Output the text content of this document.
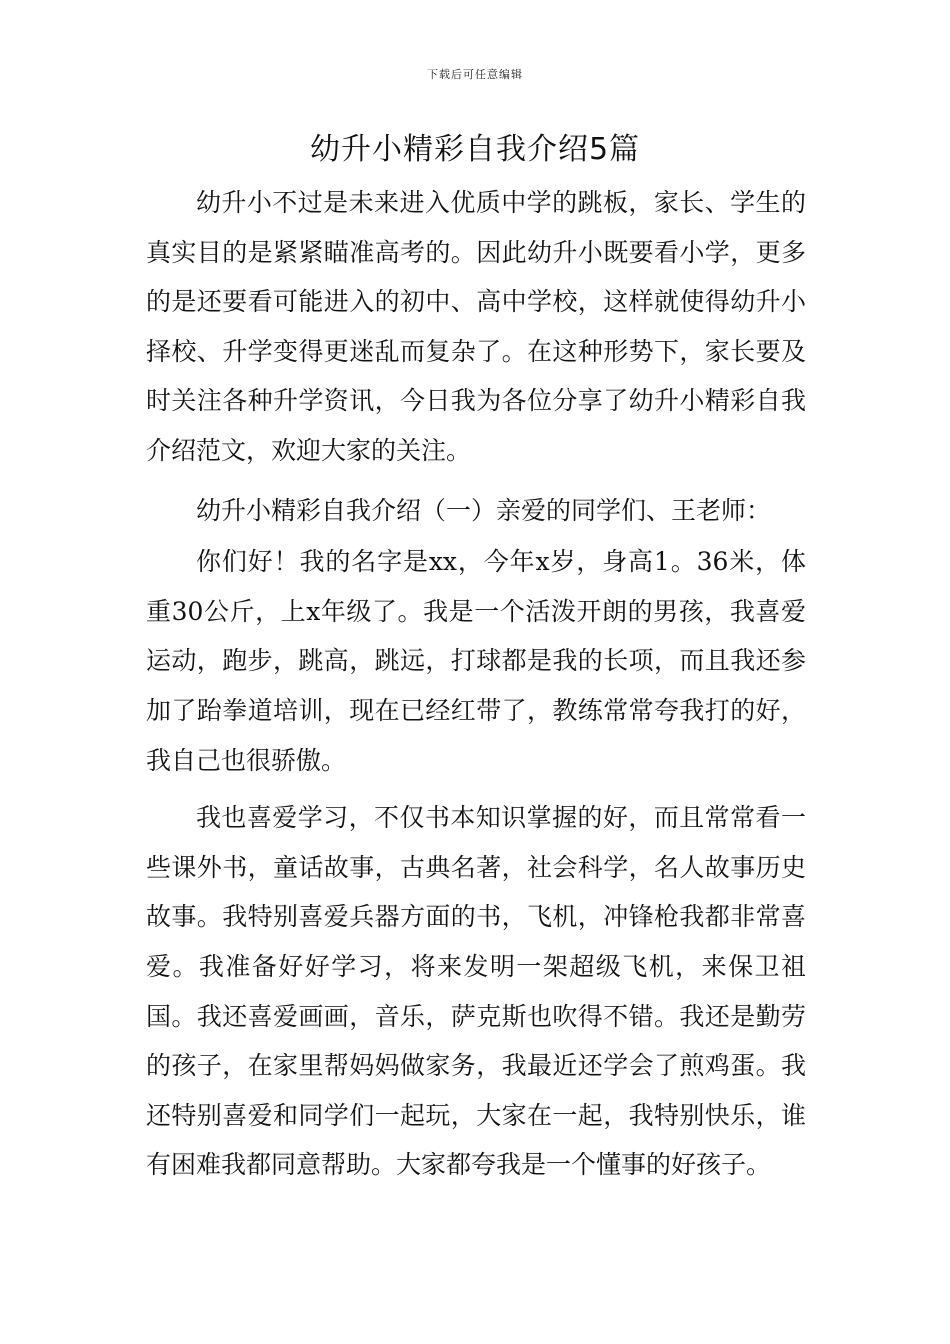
下载后可任意编辑
幼升小精彩自我介绍5篇

幼升小不过是未来进入优质中学的跳板，家长、学生的真实目的是紧紧瞄准高考的。因此幼升小既要看小学，更多的是还要看可能进入的初中、高中学校，这样就使得幼升小择校、升学变得更迷乱而复杂了。在这种形势下，家长要及时关注各种升学资讯，今日我为各位分享了幼升小精彩自我介绍范文，欢迎大家的关注。

幼升小精彩自我介绍（一）亲爱的同学们、王老师：

你们好！我的名字是xx，今年x岁，身高1。36米，体重30公斤，上x年级了。我是一个活泼开朗的男孩，我喜爱运动，跑步，跳高，跳远，打球都是我的长项，而且我还参加了跆拳道培训，现在已经红带了，教练常常夸我打的好，我自己也很骄傲。

我也喜爱学习，不仅书本知识掌握的好，而且常常看一些课外书，童话故事，古典名著，社会科学，名人故事历史故事。我特别喜爱兵器方面的书，飞机，冲锋枪我都非常喜爱。我准备好好学习，将来发明一架超级飞机，来保卫祖国。我还喜爱画画，音乐，萨克斯也吹得不错。我还是勤劳的孩子，在家里帮妈妈做家务，我最近还学会了煎鸡蛋。我还特别喜爱和同学们一起玩，大家在一起，我特别快乐，谁有困难我都同意帮助。大家都夸我是一个懂事的好孩子。
